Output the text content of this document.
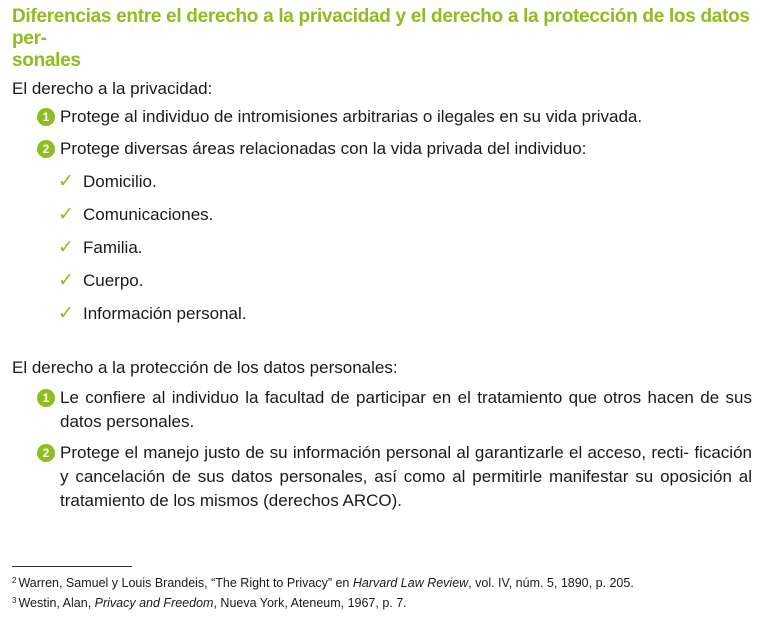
Diferencias entre el derecho a la privacidad y el derecho a la protección de los datos per-
sonales

El derecho a la privacidad:

1 Protege al individuo de intromisiones arbitrarias o ilegales en su vida privada.
2 Protege diversas áreas relacionadas con la vida privada del individuo:
✓ Domicilio.
✓ Comunicaciones.
✓ Familia.
✓ Cuerpo.
✓ Información personal.

El derecho a la protección de los datos personales:

1 Le confiere al individuo la facultad de participar en el tratamiento que otros hacen de sus datos personales.
2 Protege el manejo justo de su información personal al garantizarle el acceso, recti- ficación y cancelación de sus datos personales, así como al permitirle manifestar su oposición al tratamiento de los mismos (derechos ARCO).

$^2$ Warren, Samuel y Louis Brandeis, “The Right to Privacy” en Harvard Law Review, vol. IV, núm. 5, 1890, p. 205.

$^3$ Westin, Alan, Privacy and Freedom, Nueva York, Ateneum, 1967, p. 7.
